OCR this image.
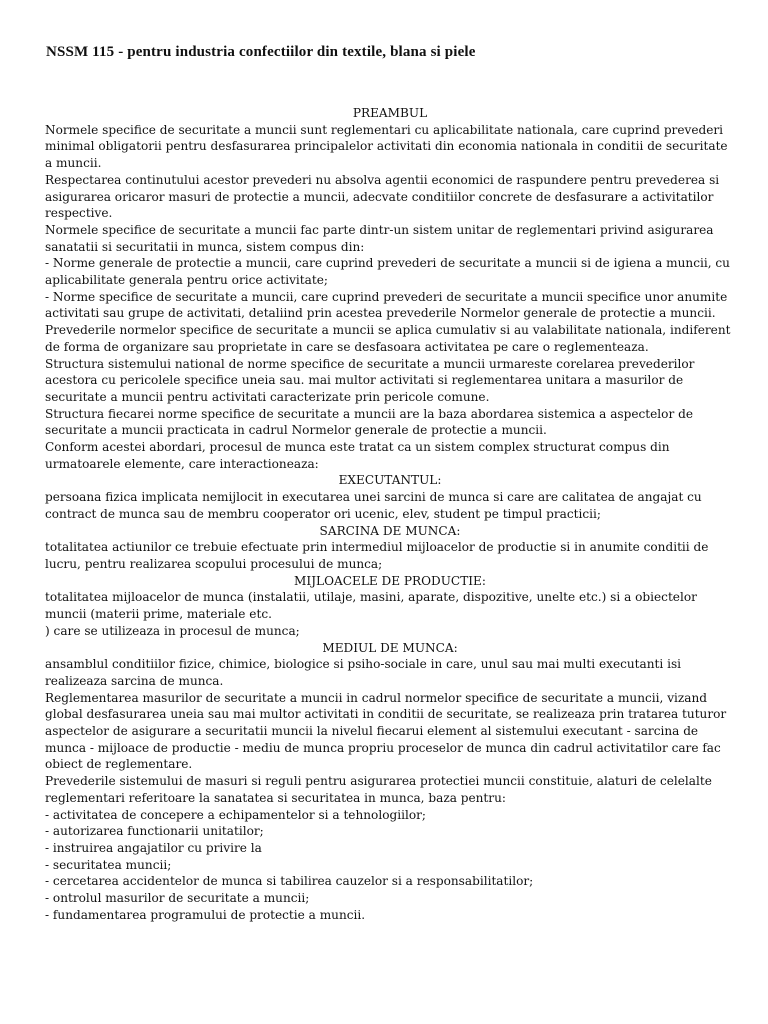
NSSM 115 - pentru industria confectiilor din textile, blana si piele

PREAMBUL

Normele specifice de securitate a muncii sunt reglementari cu aplicabilitate nationala, care cuprind prevederi minimal obligatorii pentru desfasurarea principalelor activitati din economia nationala in conditii de securitate a muncii.

Respectarea continutului acestor prevederi nu absolva agentii economici de raspundere pentru prevederea si asigurarea oricaror masuri de protectie a muncii, adecvate conditiilor concrete de desfasurare a activitatilor respective.

Normele specifice de securitate a muncii fac parte dintr-un sistem unitar de reglementari privind asigurarea sanatatii si securitatii in munca, sistem compus din:

- Norme generale de protectie a muncii, care cuprind prevederi de securitate a muncii si de igiena a muncii, cu aplicabilitate generala pentru orice activitate;

- Norme specifice de securitate a muncii, care cuprind prevederi de securitate a muncii specifice unor anumite activitati sau grupe de activitati, detaliind prin acestea prevederile Normelor generale de protectie a muncii.

Prevederile normelor specifice de securitate a muncii se aplica cumulativ si au valabilitate nationala, indiferent de forma de organizare sau proprietate in care se desfasoara activitatea pe care o reglementeaza.

Structura sistemului national de norme specifice de securitate a muncii urmareste corelarea prevederilor acestora cu pericolele specifice uneia sau. mai multor activitati si reglementarea unitara a masurilor de securitate a muncii pentru activitati caracterizate prin pericole comune.

Structura fiecarei norme specifice de securitate a muncii are la baza abordarea sistemica a aspectelor de securitate a muncii practicata in cadrul Normelor generale de protectie a muncii.

Conform acestei abordari, procesul de munca este tratat ca un sistem complex structurat compus din urmatoarele elemente, care interactioneaza:

EXECUTANTUL:

persoana fizica implicata nemijlocit in executarea unei sarcini de munca si care are calitatea de angajat cu contract de munca sau de membru cooperator ori ucenic, elev, student pe timpul practicii;

SARCINA DE MUNCA:

totalitatea actiunilor ce trebuie efectuate prin intermediul mijloacelor de productie si in anumite conditii de lucru, pentru realizarea scopului procesului de munca;

MIJLOACELE DE PRODUCTIE:

totalitatea mijloacelor de munca (instalatii, utilaje, masini, aparate, dispozitive, unelte etc.) si a obiectelor muncii (materii prime, materiale etc.

) care se utilizeaza in procesul de munca;

MEDIUL DE MUNCA:

ansamblul conditiilor fizice, chimice, biologice si psiho-sociale in care, unul sau mai multi executanti isi realizeaza sarcina de munca.

Reglementarea masurilor de securitate a muncii in cadrul normelor specifice de securitate a muncii, vizand global desfasurarea uneia sau mai multor activitati in conditii de securitate, se realizeaza prin tratarea tuturor aspectelor de asigurare a securitatii muncii la nivelul fiecarui element al sistemului executant - sarcina de munca - mijloace de productie - mediu de munca propriu proceselor de munca din cadrul activitatilor care fac obiect de reglementare.

Prevederile sistemului de masuri si reguli pentru asigurarea protectiei muncii constituie, alaturi de celelalte reglementari referitoare la sanatatea si securitatea in munca, baza pentru:

- activitatea de concepere a echipamentelor si a tehnologiilor;

- autorizarea functionarii unitatilor;

- instruirea angajatilor cu privire la

- securitatea muncii;

- cercetarea accidentelor de munca si tabilirea cauzelor si a responsabilitatilor;

- ontrolul masurilor de securitate a muncii;

- fundamentarea programului de protectie a muncii.
